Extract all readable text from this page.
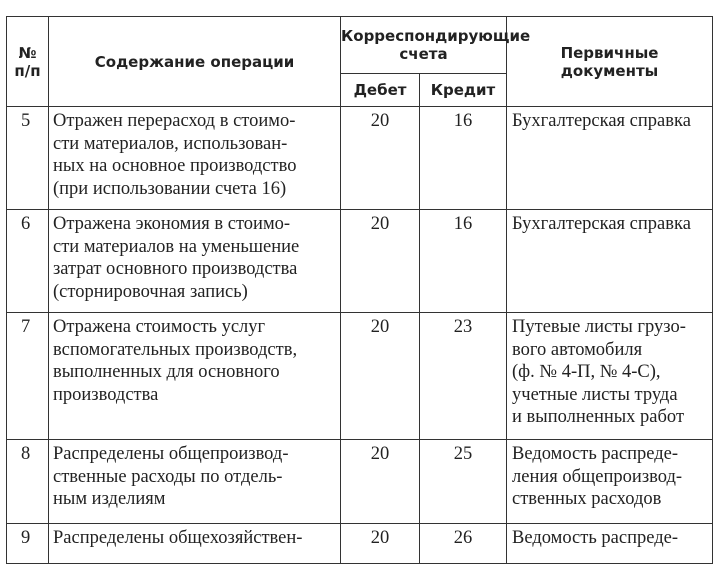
№
п/п	Содержание операции	Корреспондирующие
счета		Первичные
документы

		Дебет	Кредит	
5	Отражен перерасход в стоимо-
сти материалов, использован-
ных на основное производство
(при использовании счета 16)	20	16	Бухгалтерская справка

6	Отражена экономия в стоимо-
сти материалов на уменьшение
затрат основного производства
(сторнировочная запись)	20	16	Бухгалтерская справка

7	Отражена стоимость услуг
вспомогательных производств,
выполненных для основного
производства	20	23	Путевые листы грузо-
вого автомобиля
(ф. № 4-П, № 4-С),
учетные листы труда
и выполненных работ

8	Распределены общепроизвод-
ственные расходы по отдель-
ным изделиям	20	25	Ведомость распреде-
ления общепроизвод-
ственных расходов

9	Распределены общехозяйствен-	20	26	Ведомость распреде-
